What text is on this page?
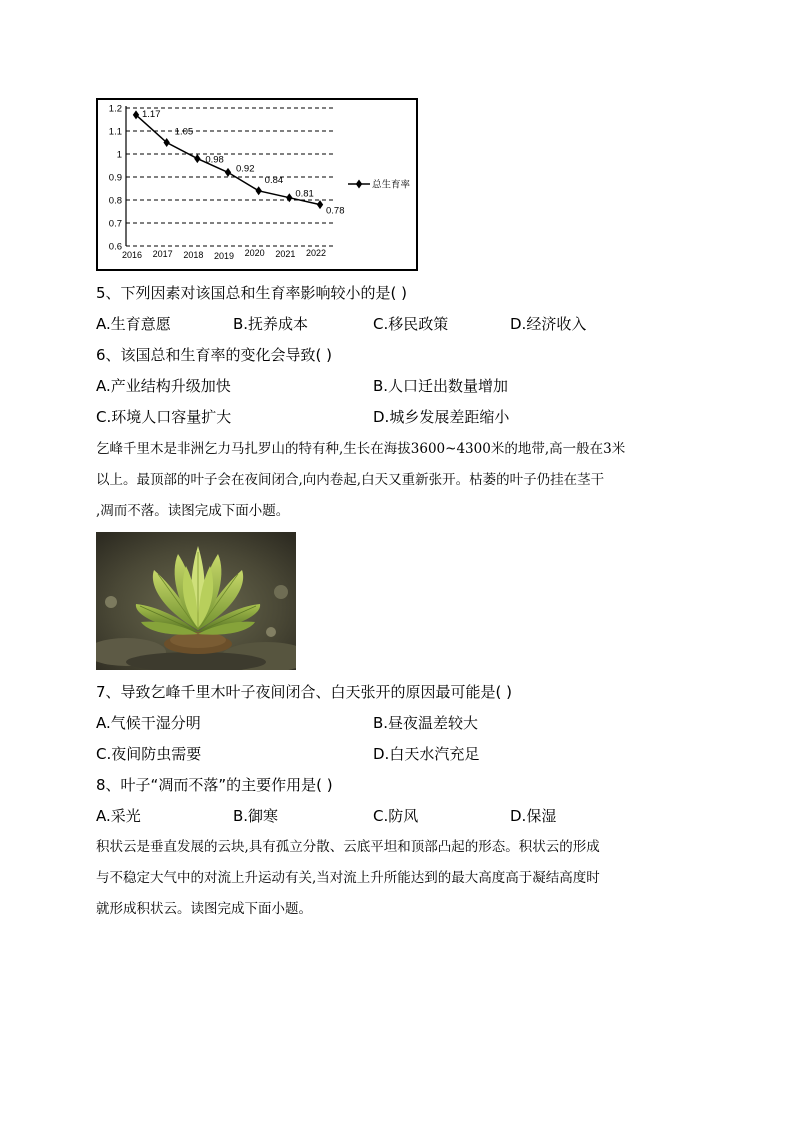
1.2
1.1
1
0.9
0.8
0.7
0.6
2016 2017 2018 2019 2020 2021 2022
1.17
1.05
0.98
0.92
0.84
0.81
0.78
总生育率
5、下列因素对该国总和生育率影响较小的是( )
A.生育意愿	B.抚养成本	C.移民政策	D.经济收入
6、该国总和生育率的变化会导致( )
A.产业结构升级加快	B.人口迁出数量增加
C.环境人口容量扩大	D.城乡发展差距缩小
乞峰千里木是非洲乞力马扎罗山的特有种,生长在海拔3600~4300米的地带,高一般在3米
以上。最顶部的叶子会在夜间闭合,向内卷起,白天又重新张开。枯萎的叶子仍挂在茎干
,凋而不落。读图完成下面小题。
7、导致乞峰千里木叶子夜间闭合、白天张开的原因最可能是( )
A.气候干湿分明	B.昼夜温差较大
C.夜间防虫需要	D.白天水汽充足
8、叶子“凋而不落”的主要作用是( )
A.采光	B.御寒	C.防风	D.保湿
积状云是垂直发展的云块,具有孤立分散、云底平坦和顶部凸起的形态。积状云的形成
与不稳定大气中的对流上升运动有关,当对流上升所能达到的最大高度高于凝结高度时
就形成积状云。读图完成下面小题。
